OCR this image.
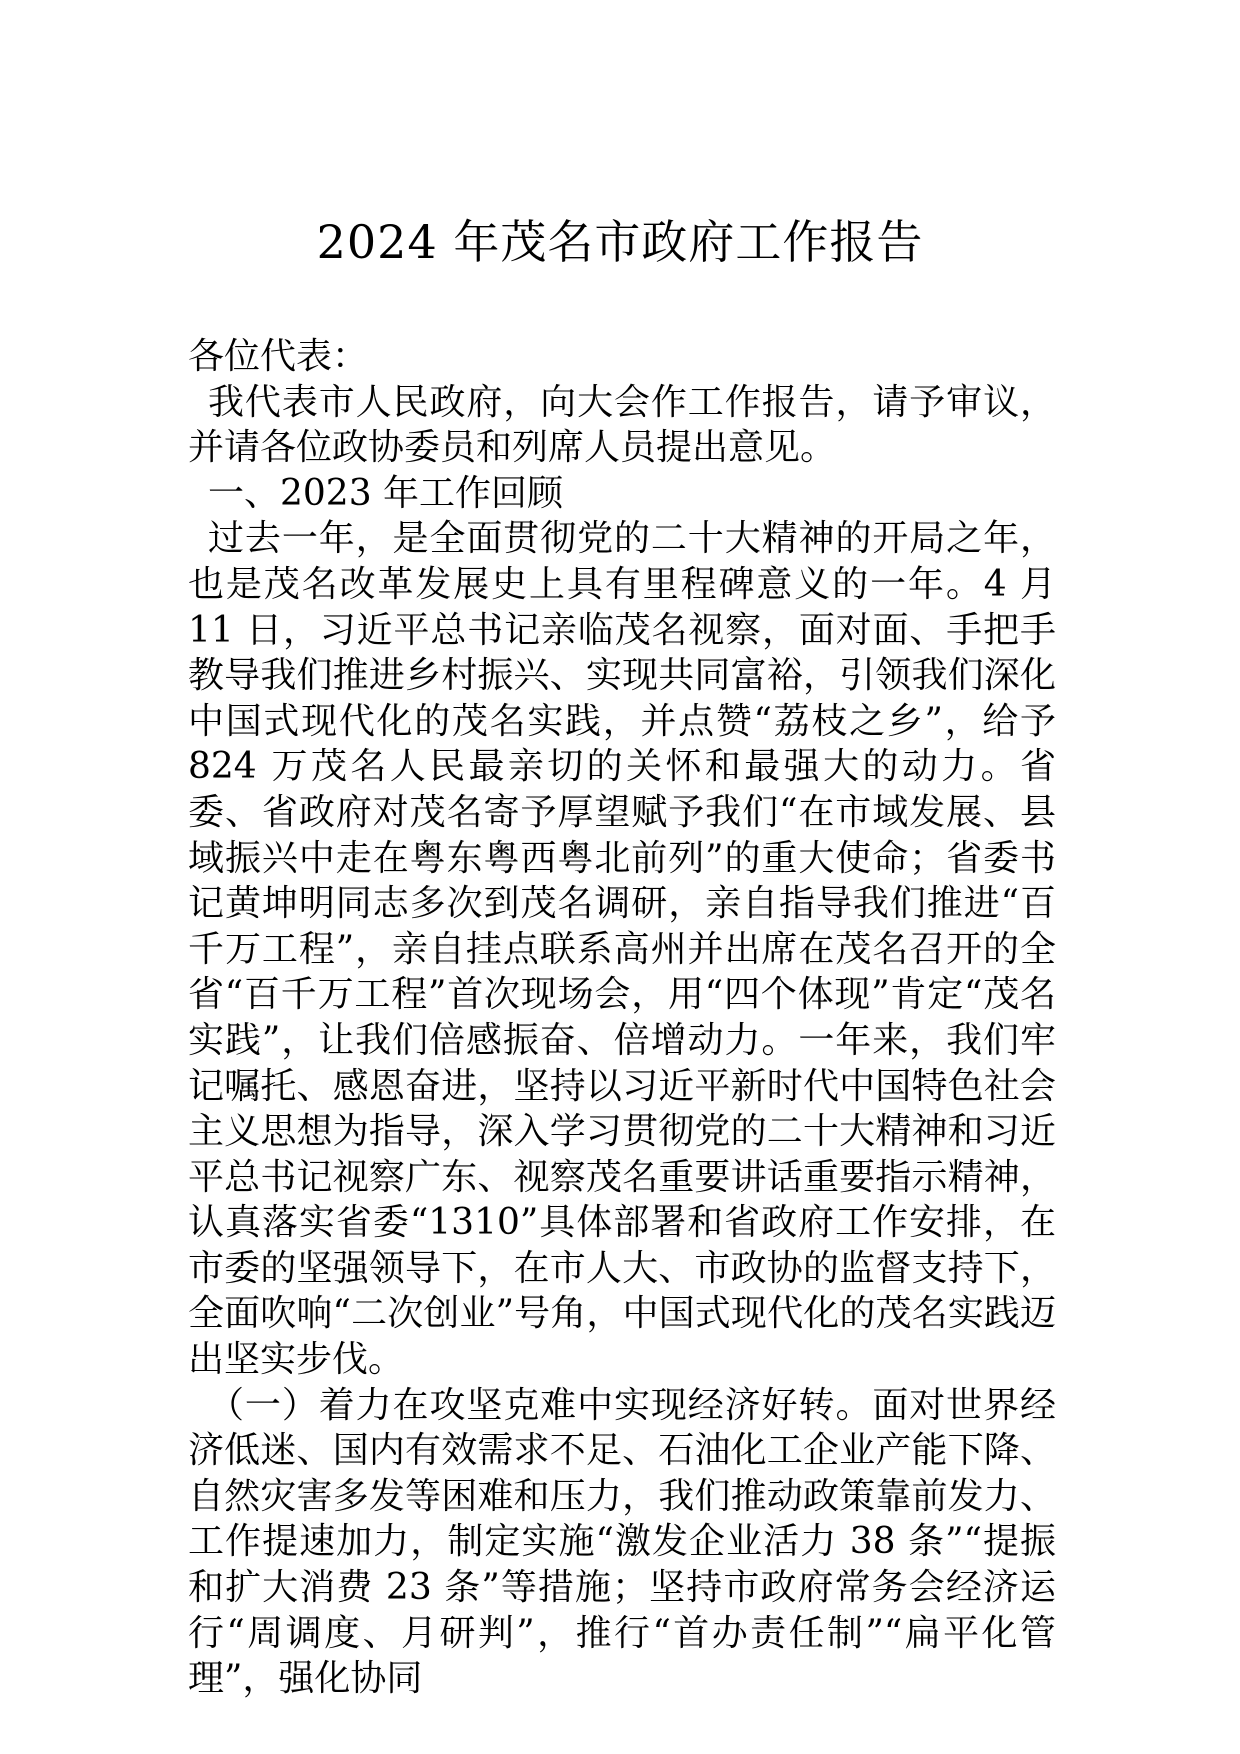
2024 年茂名市政府工作报告

各位代表：

我代表市人民政府，向大会作工作报告，请予审议，并请各位政协委员和列席人员提出意见。

一、2023 年工作回顾

过去一年，是全面贯彻党的二十大精神的开局之年，也是茂名改革发展史上具有里程碑意义的一年。4 月 11 日，习近平总书记亲临茂名视察，面对面、手把手教导我们推进乡村振兴、实现共同富裕，引领我们深化中国式现代化的茂名实践，并点赞“荔枝之乡”，给予 824 万茂名人民最亲切的关怀和最强大的动力。省委、省政府对茂名寄予厚望赋予我们“在市域发展、县域振兴中走在粤东粤西粤北前列”的重大使命；省委书记黄坤明同志多次到茂名调研，亲自指导我们推进“百千万工程”，亲自挂点联系高州并出席在茂名召开的全省“百千万工程”首次现场会，用“四个体现”肯定“茂名实践”，让我们倍感振奋、倍增动力。一年来，我们牢记嘱托、感恩奋进，坚持以习近平新时代中国特色社会主义思想为指导，深入学习贯彻党的二十大精神和习近平总书记视察广东、视察茂名重要讲话重要指示精神，认真落实省委“1310”具体部署和省政府工作安排，在市委的坚强领导下，在市人大、市政协的监督支持下，全面吹响“二次创业”号角，中国式现代化的茂名实践迈出坚实步伐。

（一）着力在攻坚克难中实现经济好转。面对世界经济低迷、国内有效需求不足、石油化工企业产能下降、自然灾害多发等困难和压力，我们推动政策靠前发力、工作提速加力，制定实施“激发企业活力 38 条”“提振和扩大消费 23 条”等措施；坚持市政府常务会经济运行“周调度、月研判”，推行“首办责任制”“扁平化管理”，强化协同
